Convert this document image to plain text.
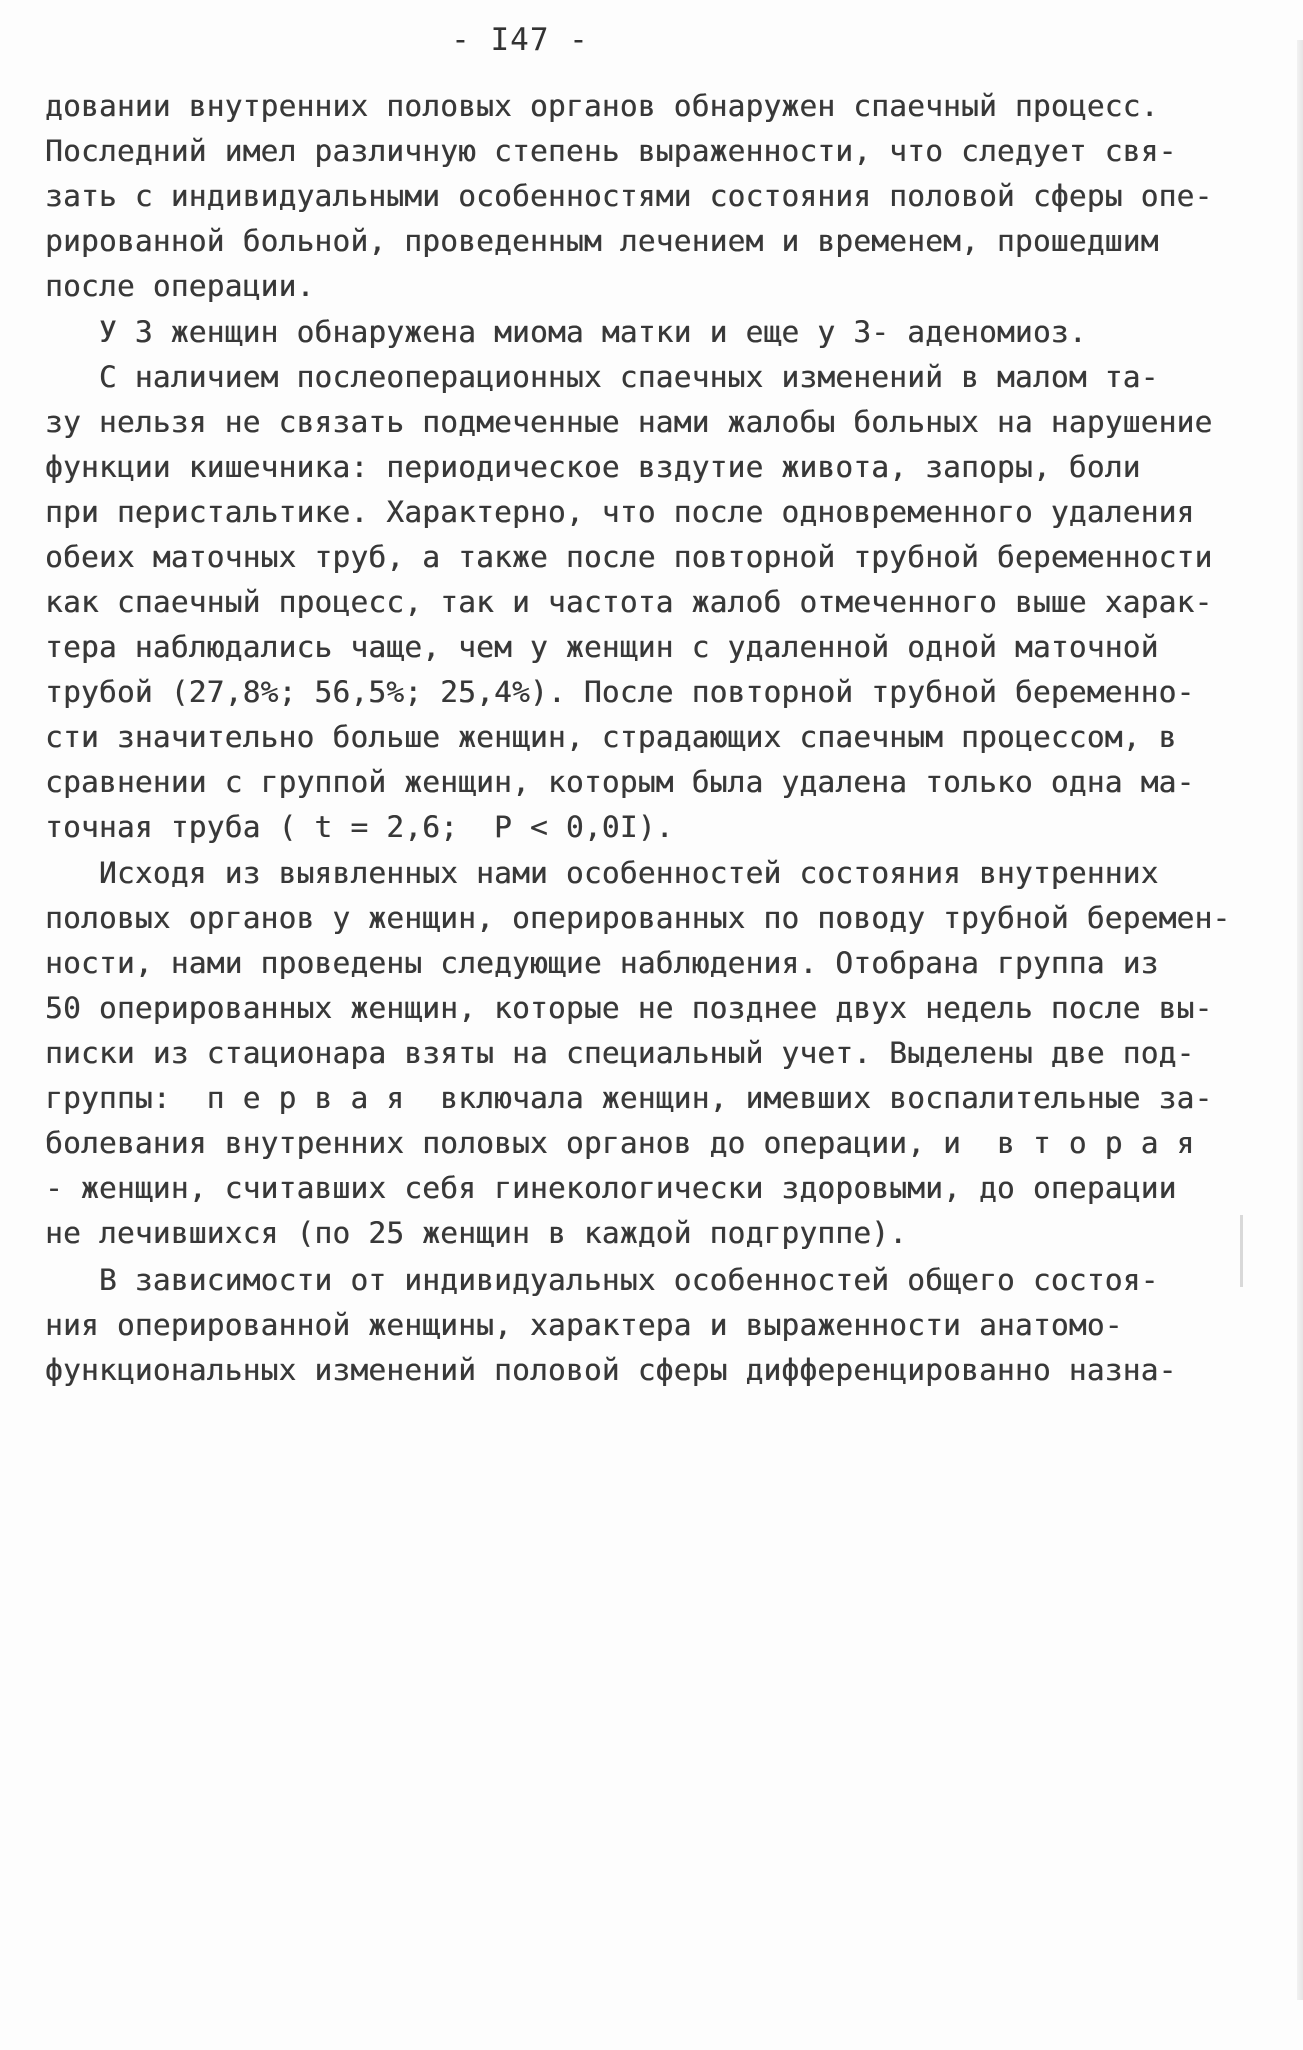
- I47 -
довании внутренних половых органов обнаружен спаечный процесс.
Последний имел различную степень выраженности, что следует свя-
зать с индивидуальными особенностями состояния половой сферы опе-
рированной больной, проведенным лечением и временем, прошедшим
после операции.
У 3 женщин обнаружена миома матки и еще у 3- аденомиоз.
С наличием послеоперационных спаечных изменений в малом та-
зу нельзя не связать подмеченные нами жалобы больных на нарушение
функции кишечника: периодическое вздутие живота, запоры, боли
при перистальтике. Характерно, что после одновременного удаления
обеих маточных труб, а также после повторной трубной беременности
как спаечный процесс, так и частота жалоб отмеченного выше харак-
тера наблюдались чаще, чем у женщин с удаленной одной маточной
трубой (27,8%; 56,5%; 25,4%). После повторной трубной беременно-
сти значительно больше женщин, страдающих спаечным процессом, в
сравнении с группой женщин, которым была удалена только одна ма-
точная труба ( t = 2,6;  P < 0,0I).
Исходя из выявленных нами особенностей состояния внутренних
половых органов у женщин, оперированных по поводу трубной беремен-
ности, нами проведены следующие наблюдения. Отобрана группа из
50 оперированных женщин, которые не позднее двух недель после вы-
писки из стационара взяты на специальный учет. Выделены две под-
группы:  п е р в а я  включала женщин, имевших воспалительные за-
болевания внутренних половых органов до операции, и  в т о р а я
- женщин, считавших себя гинекологически здоровыми, до операции
не лечившихся (по 25 женщин в каждой подгруппе).
В зависимости от индивидуальных особенностей общего состоя-
ния оперированной женщины, характера и выраженности анатомо-
функциональных изменений половой сферы дифференцированно назна-
